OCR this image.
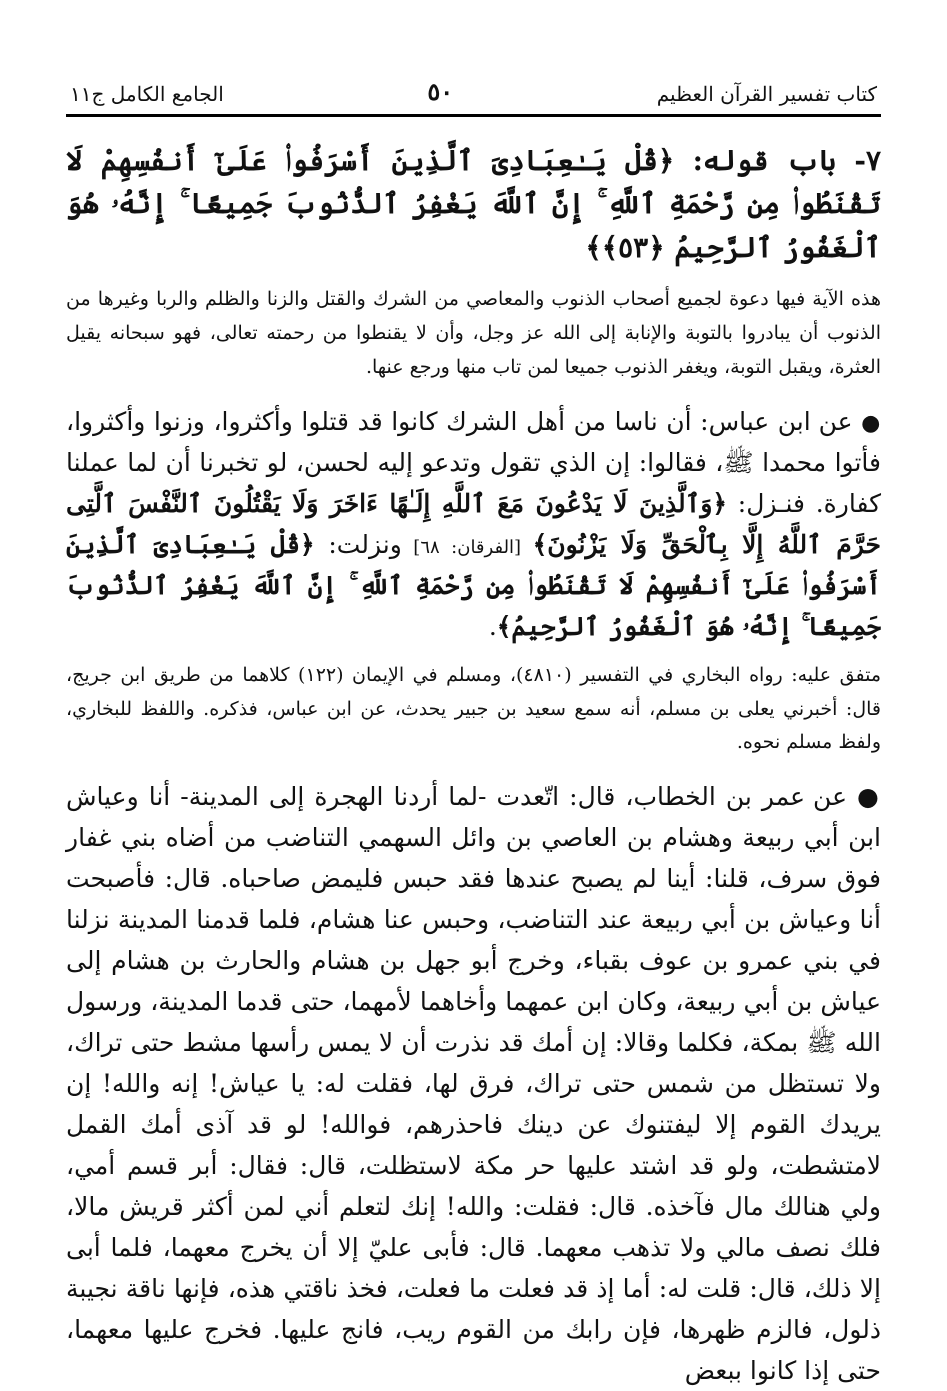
كتاب تفسير القرآن العظيم
٥٠
الجامع الكامل ج١١
٧- باب قوله: ﴿قُلْ يَـٰعِبَادِىَ ٱلَّذِينَ أَسْرَفُوا۟ عَلَىٰٓ أَنفُسِهِمْ لَا تَقْنَطُوا۟ مِن رَّحْمَةِ ٱللَّهِ ۚ إِنَّ ٱللَّهَ يَغْفِرُ ٱلذُّنُوبَ جَمِيعًا ۚ إِنَّهُۥ هُوَ ٱلْغَفُورُ ٱلرَّحِيمُ ﴿٥٣﴾﴾
هذه الآية فيها دعوة لجميع أصحاب الذنوب والمعاصي من الشرك والقتل والزنا والظلم والربا وغيرها من الذنوب أن يبادروا بالتوبة والإنابة إلى الله عز وجل، وأن لا يقنطوا من رحمته تعالى، فهو سبحانه يقيل العثرة، ويقبل التوبة، ويغفر الذنوب جميعا لمن تاب منها ورجع عنها.
● عن ابن عباس: أن ناسا من أهل الشرك كانوا قد قتلوا وأكثروا، وزنوا وأكثروا، فأتوا محمدا ﷺ، فقالوا: إن الذي تقول وتدعو إليه لحسن، لو تخبرنا أن لما عملنا كفارة. فنـزل: ﴿وَٱلَّذِينَ لَا يَدْعُونَ مَعَ ٱللَّهِ إِلَـٰهًا ءَاخَرَ وَلَا يَقْتُلُونَ ٱلنَّفْسَ ٱلَّتِى حَرَّمَ ٱللَّهُ إِلَّا بِٱلْحَقِّ وَلَا يَزْنُونَ﴾ [الفرقان: ٦٨] ونزلت: ﴿قُلْ يَـٰعِبَادِىَ ٱلَّذِينَ أَسْرَفُوا۟ عَلَىٰٓ أَنفُسِهِمْ لَا تَقْنَطُوا۟ مِن رَّحْمَةِ ٱللَّهِ ۚ إِنَّ ٱللَّهَ يَغْفِرُ ٱلذُّنُوبَ جَمِيعًا ۚ إِنَّهُۥ هُوَ ٱلْغَفُورُ ٱلرَّحِيمُ﴾.
متفق عليه: رواه البخاري في التفسير (٤٨١٠)، ومسلم في الإيمان (١٢٢) كلاهما من طريق ابن جريج، قال: أخبرني يعلى بن مسلم، أنه سمع سعيد بن جبير يحدث، عن ابن عباس، فذكره. واللفظ للبخاري، ولفظ مسلم نحوه.
● عن عمر بن الخطاب، قال: اتّعدت -لما أردنا الهجرة إلى المدينة- أنا وعياش ابن أبي ربيعة وهشام بن العاصي بن وائل السهمي التناضب من أضاه بني غفار فوق سرف، قلنا: أينا لم يصبح عندها فقد حبس فليمض صاحباه. قال: فأصبحت أنا وعياش بن أبي ربيعة عند التناضب، وحبس عنا هشام، فلما قدمنا المدينة نزلنا في بني عمرو بن عوف بقباء، وخرج أبو جهل بن هشام والحارث بن هشام إلى عياش بن أبي ربيعة، وكان ابن عمهما وأخاهما لأمهما، حتى قدما المدينة، ورسول الله ﷺ بمكة، فكلما وقالا: إن أمك قد نذرت أن لا يمس رأسها مشط حتى تراك، ولا تستظل من شمس حتى تراك، فرق لها، فقلت له: يا عياش! إنه والله! إن يريدك القوم إلا ليفتنوك عن دينك فاحذرهم، فوالله! لو قد آذى أمك القمل لامتشطت، ولو قد اشتد عليها حر مكة لاستظلت، قال: فقال: أبر قسم أمي، ولي هنالك مال فآخذه. قال: فقلت: والله! إنك لتعلم أني لمن أكثر قريش مالا، فلك نصف مالي ولا تذهب معهما. قال: فأبى عليّ إلا أن يخرج معهما، فلما أبى إلا ذلك، قال: قلت له: أما إذ قد فعلت ما فعلت، فخذ ناقتي هذه، فإنها ناقة نجيبة ذلول، فالزم ظهرها، فإن رابك من القوم ريب، فانج عليها. فخرج عليها معهما، حتى إذا كانوا ببعض
